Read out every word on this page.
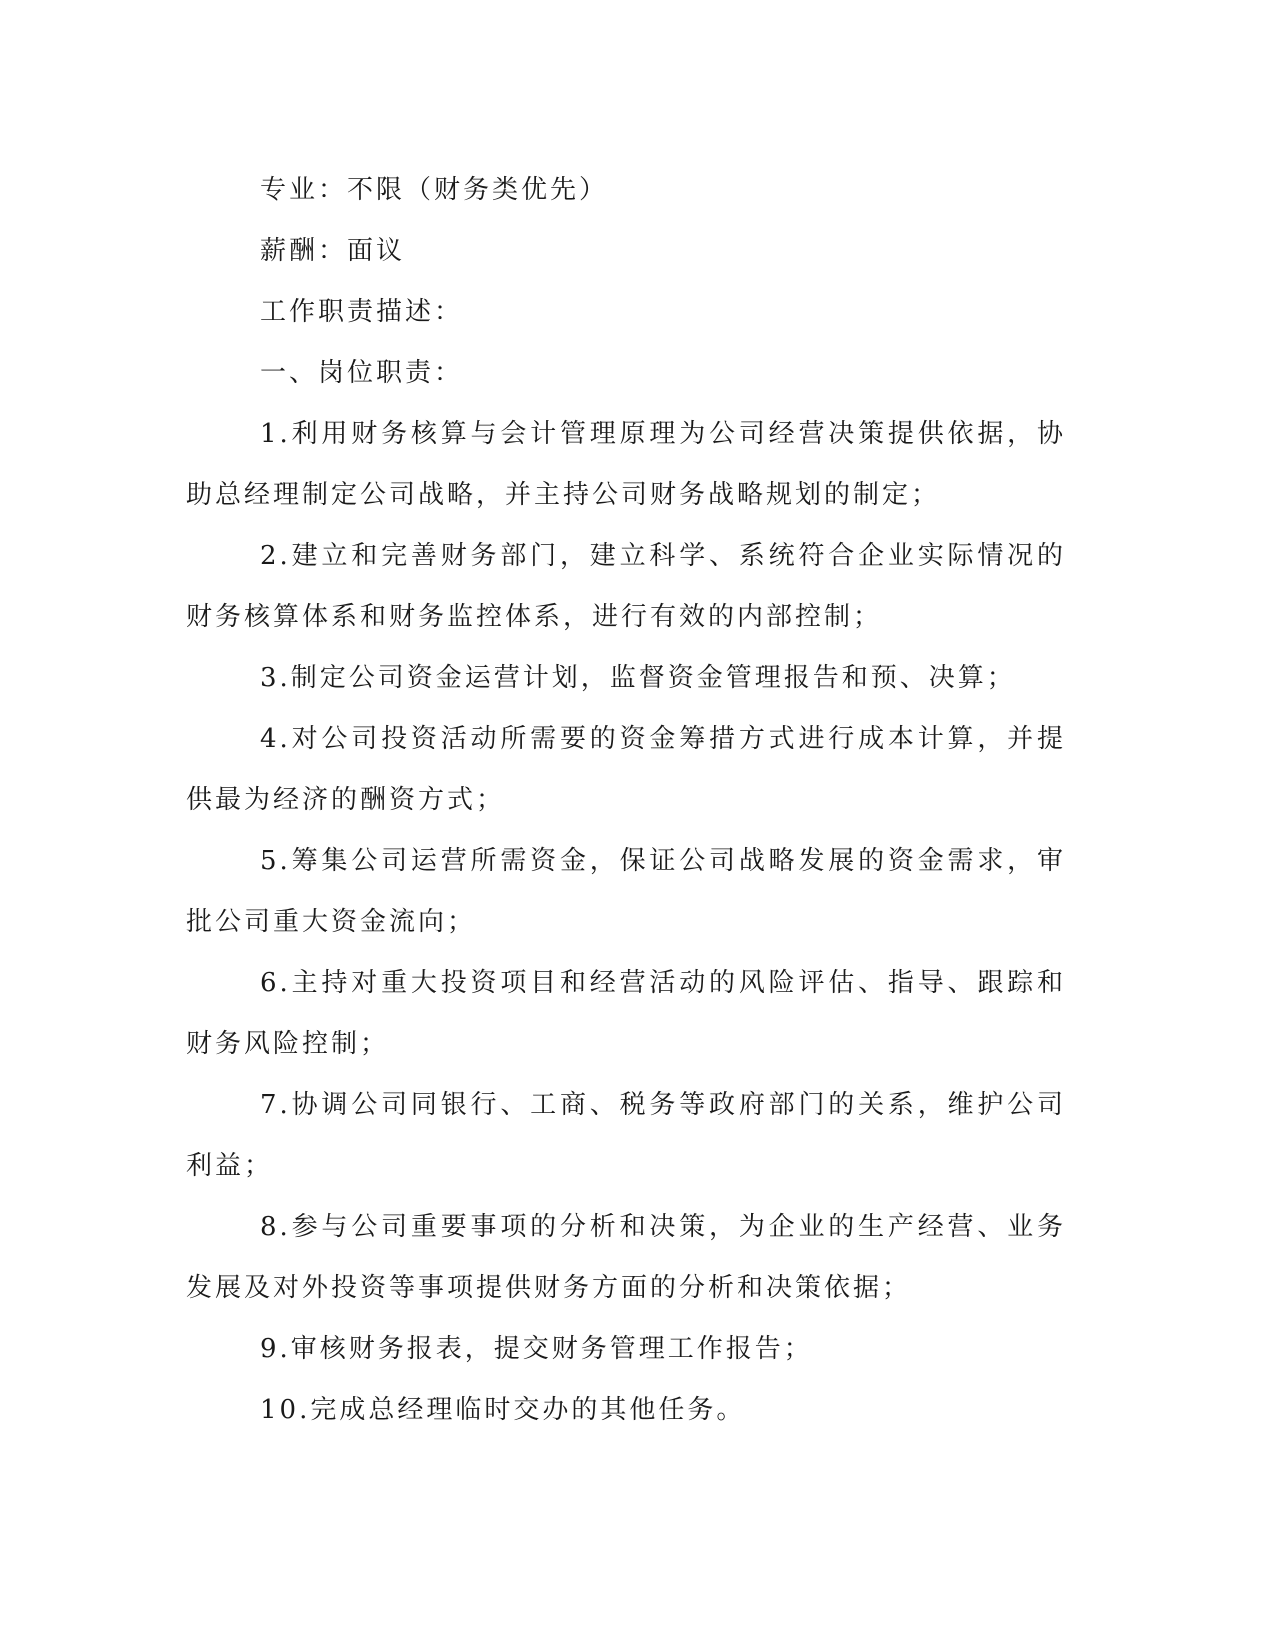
专业：不限（财务类优先）

薪酬：面议

工作职责描述：

一、岗位职责：

1.利用财务核算与会计管理原理为公司经营决策提供依据，协助总经理制定公司战略，并主持公司财务战略规划的制定；

2.建立和完善财务部门，建立科学、系统符合企业实际情况的财务核算体系和财务监控体系，进行有效的内部控制；

3.制定公司资金运营计划，监督资金管理报告和预、决算；

4.对公司投资活动所需要的资金筹措方式进行成本计算，并提供最为经济的酬资方式；

5.筹集公司运营所需资金，保证公司战略发展的资金需求，审批公司重大资金流向；

6.主持对重大投资项目和经营活动的风险评估、指导、跟踪和财务风险控制；

7.协调公司同银行、工商、税务等政府部门的关系，维护公司利益；

8.参与公司重要事项的分析和决策，为企业的生产经营、业务发展及对外投资等事项提供财务方面的分析和决策依据；

9.审核财务报表，提交财务管理工作报告；

10.完成总经理临时交办的其他任务。
